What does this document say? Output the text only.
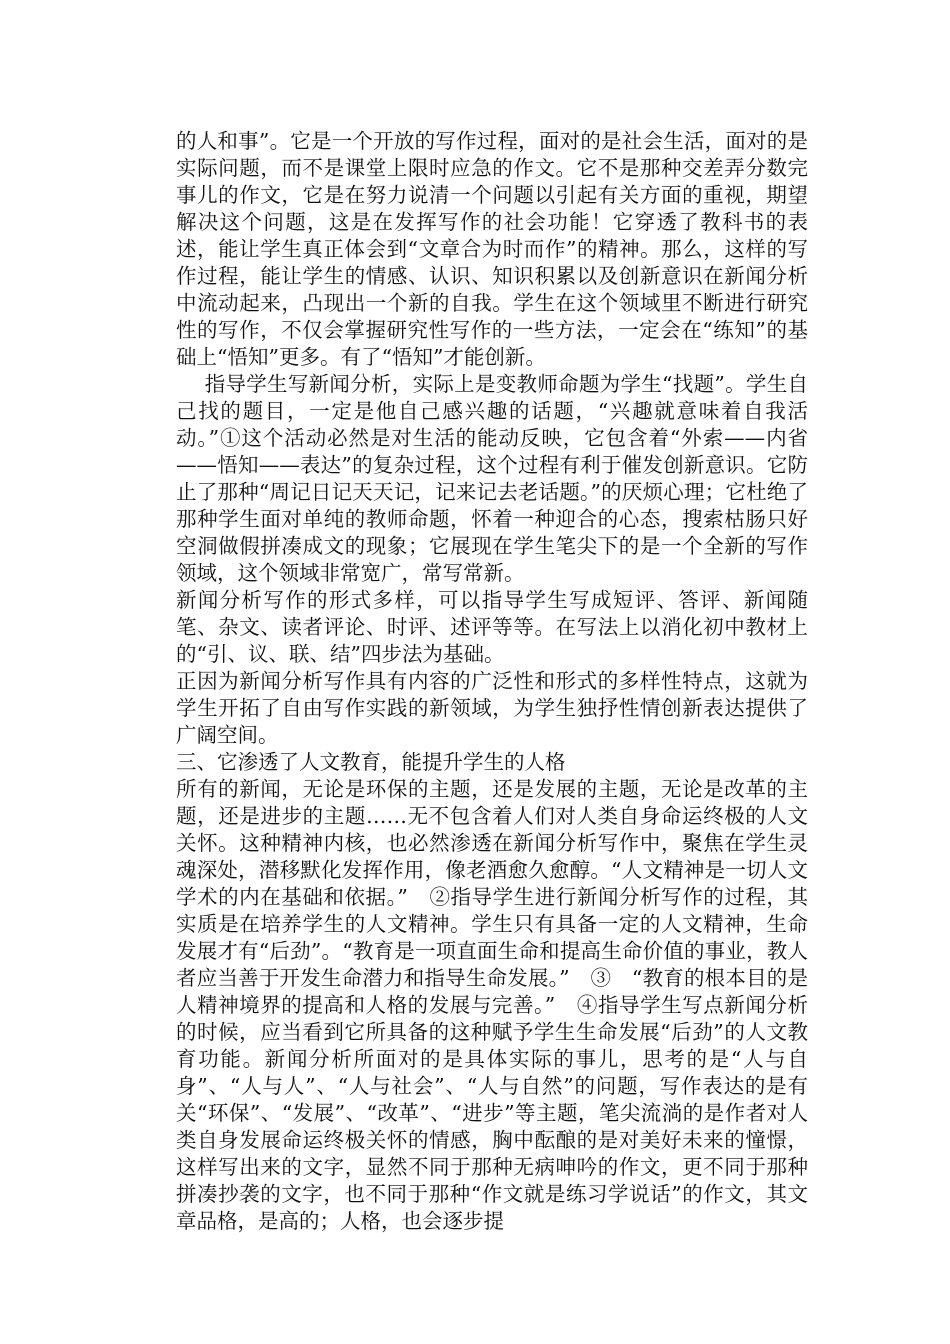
的人和事”。它是一个开放的写作过程，面对的是社会生活，面对的是实际问题，而不是课堂上限时应急的作文。它不是那种交差弄分数完事儿的作文，它是在努力说清一个问题以引起有关方面的重视，期望解决这个问题，这是在发挥写作的社会功能！它穿透了教科书的表述，能让学生真正体会到“文章合为时而作”的精神。那么，这样的写作过程，能让学生的情感、认识、知识积累以及创新意识在新闻分析中流动起来，凸现出一个新的自我。学生在这个领域里不断进行研究性的写作，不仅会掌握研究性写作的一些方法，一定会在“练知”的基础上“悟知”更多。有了“悟知”才能创新。

指导学生写新闻分析，实际上是变教师命题为学生“找题”。学生自己找的题目，一定是他自己感兴趣的话题，“兴趣就意味着自我活动。”①这个活动必然是对生活的能动反映，它包含着“外索——内省——悟知——表达”的复杂过程，这个过程有利于催发创新意识。它防止了那种“周记日记天天记，记来记去老话题。”的厌烦心理；它杜绝了那种学生面对单纯的教师命题，怀着一种迎合的心态，搜索枯肠只好空洞做假拼凑成文的现象；它展现在学生笔尖下的是一个全新的写作领域，这个领域非常宽广，常写常新。

新闻分析写作的形式多样，可以指导学生写成短评、答评、新闻随笔、杂文、读者评论、时评、述评等等。在写法上以消化初中教材上的“引、议、联、结”四步法为基础。

正因为新闻分析写作具有内容的广泛性和形式的多样性特点，这就为学生开拓了自由写作实践的新领域，为学生独抒性情创新表达提供了广阔空间。

三、它渗透了人文教育，能提升学生的人格

所有的新闻，无论是环保的主题，还是发展的主题，无论是改革的主题，还是进步的主题……无不包含着人们对人类自身命运终极的人文关怀。这种精神内核，也必然渗透在新闻分析写作中，聚焦在学生灵魂深处，潜移默化发挥作用，像老酒愈久愈醇。“人文精神是一切人文学术的内在基础和依据。”　②指导学生进行新闻分析写作的过程，其实质是在培养学生的人文精神。学生只有具备一定的人文精神，生命发展才有“后劲”。“教育是一项直面生命和提高生命价值的事业，教人者应当善于开发生命潜力和指导生命发展。”　③　“教育的根本目的是人精神境界的提高和人格的发展与完善。”　④指导学生写点新闻分析的时候，应当看到它所具备的这种赋予学生生命发展“后劲”的人文教育功能。新闻分析所面对的是具体实际的事儿，思考的是“人与自身”、“人与人”、“人与社会”、“人与自然”的问题，写作表达的是有关“环保”、“发展”、“改革”、“进步”等主题，笔尖流淌的是作者对人类自身发展命运终极关怀的情感，胸中酝酿的是对美好未来的憧憬，这样写出来的文字，显然不同于那种无病呻吟的作文，更不同于那种拼凑抄袭的文字，也不同于那种“作文就是练习学说话”的作文，其文章品格，是高的；人格，也会逐步提
